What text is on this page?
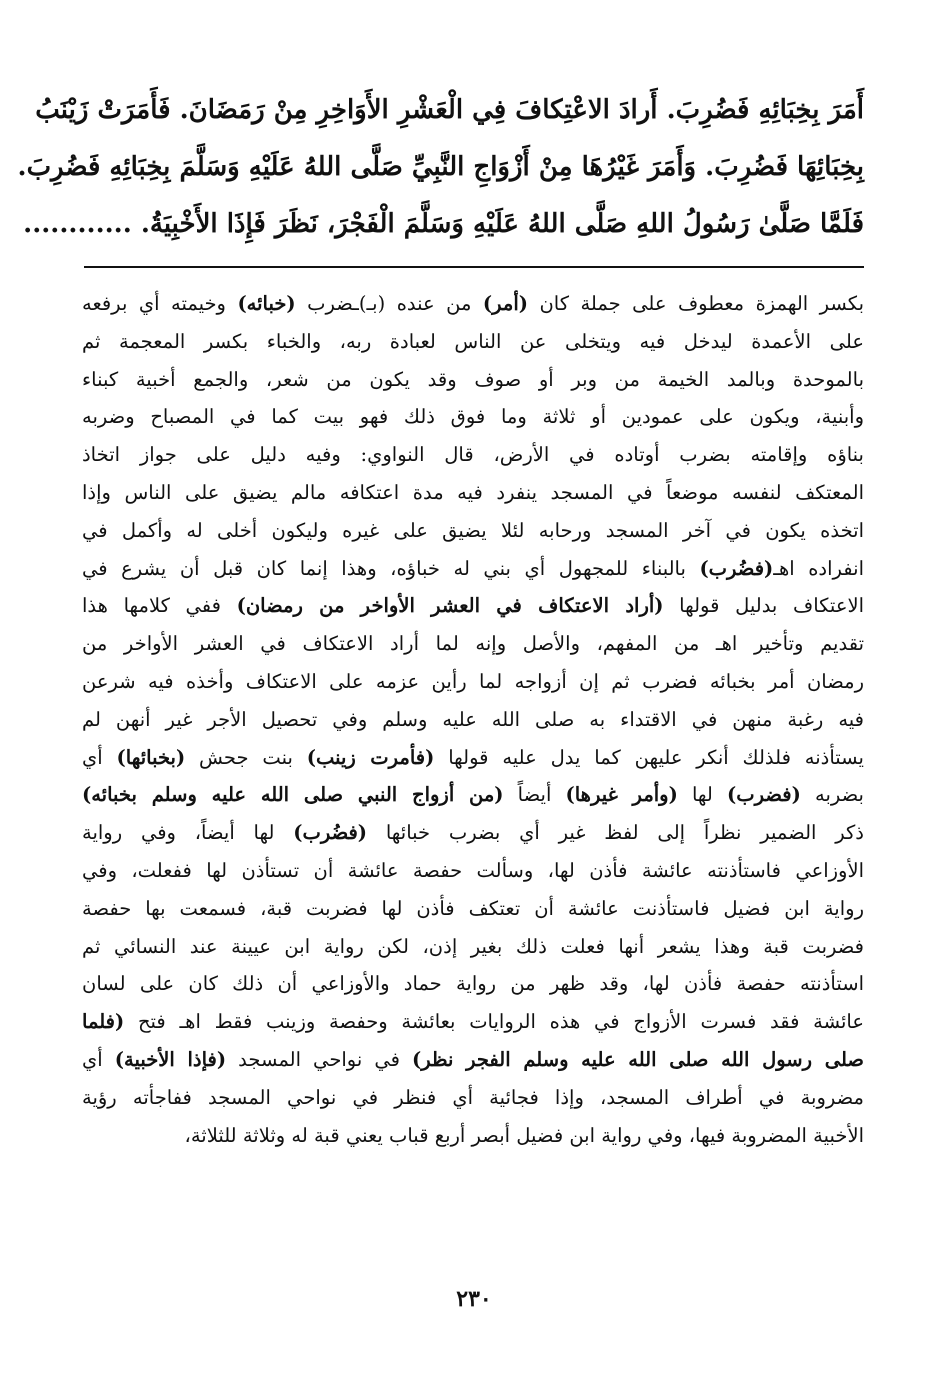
أَمَرَ بِخِبَائِهِ فَضُرِبَ. أَرادَ الاعْتِكافَ فِي الْعَشْرِ الأَوَاخِرِ مِنْ رَمَضَانَ. فَأَمَرَتْ زَيْنَبُ
بِخِبَائِهَا فَضُرِبَ. وَأَمَرَ غَيْرُهَا مِنْ أَزْوَاجِ النَّبِيِّ صَلَّى اللهُ عَلَيْهِ وَسَلَّمَ بِخِبَائِهِ فَضُرِبَ.
فَلَمَّا صَلَّىٰ رَسُولُ اللهِ صَلَّى اللهُ عَلَيْهِ وَسَلَّمَ الْفَجْرَ، نَظَرَ فَإِذَا الأَخْبِيَةُ. ............
بكسر الهمزة معطوف على جملة كان (أمر) من عنده (بـ)ـضرب (خبائه) وخيمته أي برفعه
على الأعمدة ليدخل فيه ويتخلى عن الناس لعبادة ربه، والخباء بكسر المعجمة ثم
بالموحدة وبالمد الخيمة من وبر أو صوف وقد يكون من شعر، والجمع أخبية كبناء
وأبنية، ويكون على عمودين أو ثلاثة وما فوق ذلك فهو بيت كما في المصباح وضربه
بناؤه وإقامته بضرب أوتاده في الأرض، قال النواوي: وفيه دليل على جواز اتخاذ
المعتكف لنفسه موضعاً في المسجد ينفرد فيه مدة اعتكافه مالم يضيق على الناس وإذا
اتخذه يكون في آخر المسجد ورحابه لئلا يضيق على غيره وليكون أخلى له وأكمل في
انفراده اهـ(فضُرب) بالبناء للمجهول أي بني له خباؤه، وهذا إنما كان قبل أن يشرع في
الاعتكاف بدليل قولها (أراد الاعتكاف في العشر الأواخر من رمضان) ففي كلامها هذا
تقديم وتأخير اهـ من المفهم، والأصل وإنه لما أراد الاعتكاف في العشر الأواخر من
رمضان أمر بخبائه فضرب ثم إن أزواجه لما رأين عزمه على الاعتكاف وأخذه فيه شرعن
فيه رغبة منهن في الاقتداء به صلى الله عليه وسلم وفي تحصيل الأجر غير أنهن لم
يستأذنه فلذلك أنكر عليهن كما يدل عليه قولها (فأمرت زينب) بنت جحش (بخبائها) أي
بضربه (فضرب) لها (وأمر غيرها) أيضاً (من أزواج النبي صلى الله عليه وسلم بخبائه)
ذكر الضمير نظراً إلى لفظ غير أي بضرب خبائها (فضُرب) لها أيضاً، وفي رواية
الأوزاعي فاستأذنته عائشة فأذن لها، وسألت حفصة عائشة أن تستأذن لها ففعلت، وفي
رواية ابن فضيل فاستأذنت عائشة أن تعتكف فأذن لها فضربت قبة، فسمعت بها حفصة
فضربت قبة وهذا يشعر أنها فعلت ذلك بغير إذن، لكن رواية ابن عيينة عند النسائي ثم
استأذنته حفصة فأذن لها، وقد ظهر من رواية حماد والأوزاعي أن ذلك كان على لسان
عائشة فقد فسرت الأزواج في هذه الروايات بعائشة وحفصة وزينب فقط اهـ فتح (فلما
صلى رسول الله صلى الله عليه وسلم الفجر نظر) في نواحي المسجد (فإذا الأخبية) أي
مضروبة في أطراف المسجد، وإذا فجائية أي فنظر في نواحي المسجد ففاجأته رؤية
الأخبية المضروبة فيها، وفي رواية ابن فضيل أبصر أربع قباب يعني قبة له وثلاثة للثلاثة،
٢٣٠
